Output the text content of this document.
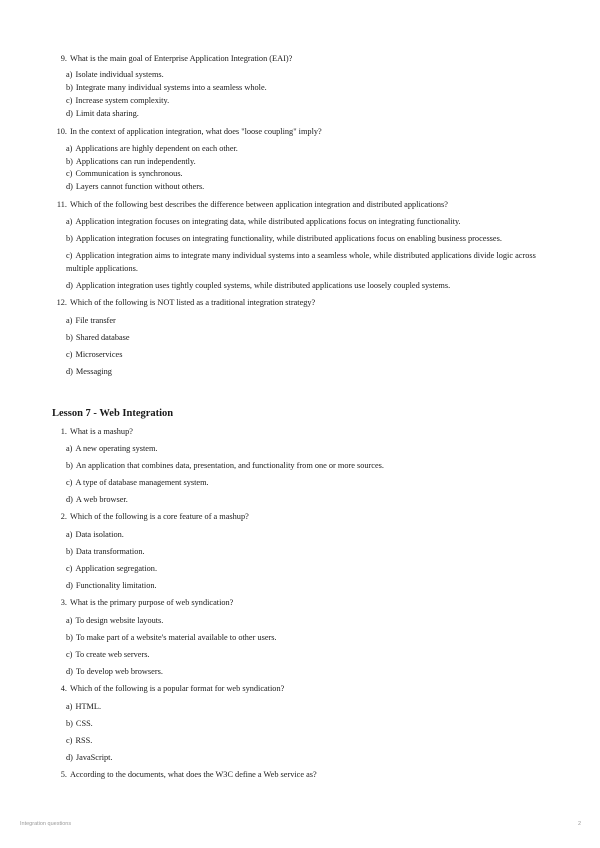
9. What is the main goal of Enterprise Application Integration (EAI)?
a) Isolate individual systems.
b) Integrate many individual systems into a seamless whole.
c) Increase system complexity.
d) Limit data sharing.
10. In the context of application integration, what does "loose coupling" imply?
a) Applications are highly dependent on each other.
b) Applications can run independently.
c) Communication is synchronous.
d) Layers cannot function without others.
11. Which of the following best describes the difference between application integration and distributed applications?
a) Application integration focuses on integrating data, while distributed applications focus on integrating functionality.
b) Application integration focuses on integrating functionality, while distributed applications focus on enabling business processes.
c) Application integration aims to integrate many individual systems into a seamless whole, while distributed applications divide logic across multiple applications.
d) Application integration uses tightly coupled systems, while distributed applications use loosely coupled systems.
12. Which of the following is NOT listed as a traditional integration strategy?
a) File transfer
b) Shared database
c) Microservices
d) Messaging
Lesson 7 - Web Integration
1. What is a mashup?
a) A new operating system.
b) An application that combines data, presentation, and functionality from one or more sources.
c) A type of database management system.
d) A web browser.
2. Which of the following is a core feature of a mashup?
a) Data isolation.
b) Data transformation.
c) Application segregation.
d) Functionality limitation.
3. What is the primary purpose of web syndication?
a) To design website layouts.
b) To make part of a website's material available to other users.
c) To create web servers.
d) To develop web browsers.
4. Which of the following is a popular format for web syndication?
a) HTML.
b) CSS.
c) RSS.
d) JavaScript.
5. According to the documents, what does the W3C define a Web service as?
Integration questions	2
